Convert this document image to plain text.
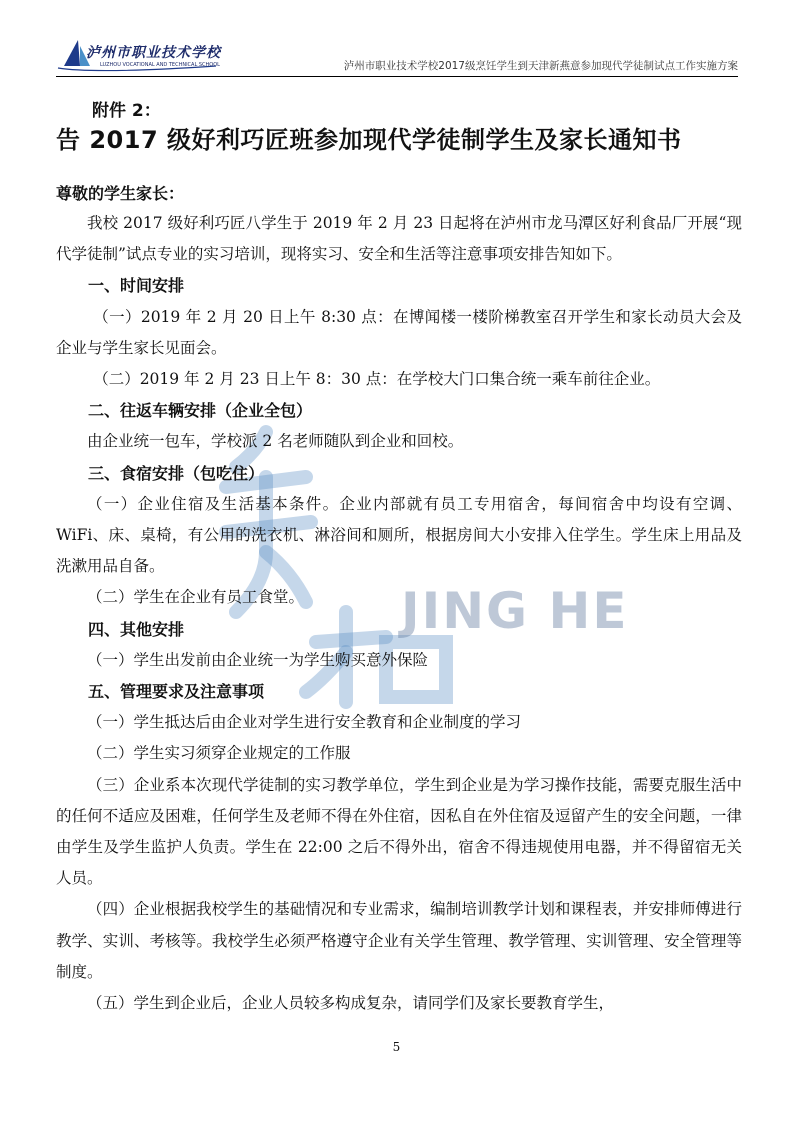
泸州市职业技术学校
LUZHOU VOCATIONAL AND TECHNICAL SCHOOL	泸州市职业技术学校2017级烹饪学生到天津新燕意参加现代学徒制试点工作实施方案
JING HE
附件 2：
告 2017 级好利巧匠班参加现代学徒制学生及家长通知书
尊敬的学生家长：

我校 2017 级好利巧匠八学生于 2019 年 2 月 23 日起将在泸州市龙马潭区好利食品厂开展“现代学徒制”试点专业的实习培训，现将实习、安全和生活等注意事项安排告知如下。

一、时间安排

（一）2019 年 2 月 20 日上午 8:30 点：在博闻楼一楼阶梯教室召开学生和家长动员大会及企业与学生家长见面会。

（二）2019 年 2 月 23 日上午 8：30 点：在学校大门口集合统一乘车前往企业。

二、往返车辆安排（企业全包）

由企业统一包车，学校派 2 名老师随队到企业和回校。

三、食宿安排（包吃住）

（一）企业住宿及生活基本条件。企业内部就有员工专用宿舍，每间宿舍中均设有空调、WiFi、床、桌椅，有公用的洗衣机、淋浴间和厕所，根据房间大小安排入住学生。学生床上用品及洗漱用品自备。

（二）学生在企业有员工食堂。

四、其他安排

（一）学生出发前由企业统一为学生购买意外保险

五、管理要求及注意事项

（一）学生抵达后由企业对学生进行安全教育和企业制度的学习

（二）学生实习须穿企业规定的工作服

（三）企业系本次现代学徒制的实习教学单位，学生到企业是为学习操作技能，需要克服生活中的任何不适应及困难，任何学生及老师不得在外住宿，因私自在外住宿及逗留产生的安全问题，一律由学生及学生监护人负责。学生在 22:00 之后不得外出，宿舍不得违规使用电器，并不得留宿无关人员。

（四）企业根据我校学生的基础情况和专业需求，编制培训教学计划和课程表，并安排师傅进行教学、实训、考核等。我校学生必须严格遵守企业有关学生管理、教学管理、实训管理、安全管理等制度。

（五）学生到企业后，企业人员较多构成复杂，请同学们及家长要教育学生，

5
